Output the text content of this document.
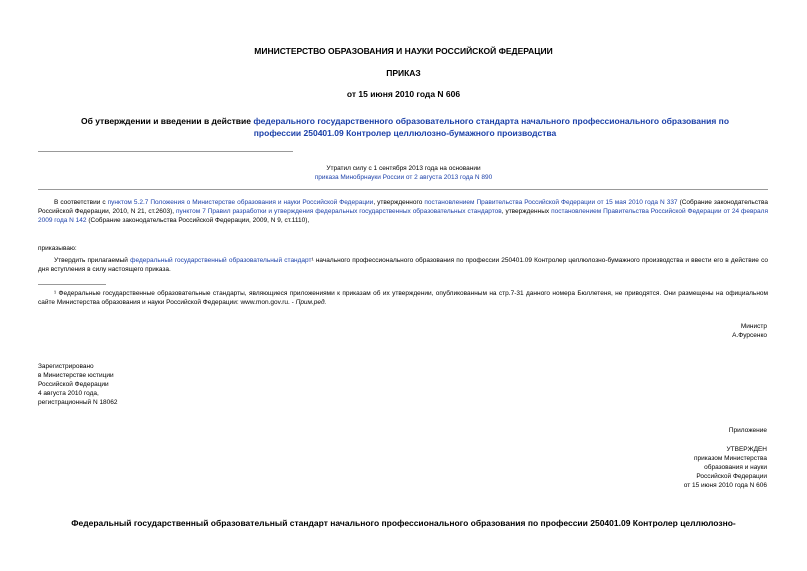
МИНИСТЕРСТВО ОБРАЗОВАНИЯ И НАУКИ РОССИЙСКОЙ ФЕДЕРАЦИИ
ПРИКАЗ
от 15 июня 2010 года N 606
Об утверждении и введении в действие федерального государственного образовательного стандарта начального профессионального образования по профессии 250401.09 Контролер целлюлозно-бумажного производства
Утратил силу с 1 сентября 2013 года на основании
приказа Минобрнауки России от 2 августа 2013 года N 890
В соответствии с пунктом 5.2.7 Положения о Министерстве образования и науки Российской Федерации, утвержденного постановлением Правительства Российской Федерации от 15 мая 2010 года N 337 (Собрание законодательства Российской Федерации, 2010, N 21, ст.2603), пунктом 7 Правил разработки и утверждения федеральных государственных образовательных стандартов, утвержденных постановлением Правительства Российской Федерации от 24 февраля 2009 года N 142 (Собрание законодательства Российской Федерации, 2009, N 9, ст.1110),
приказываю:
Утвердить прилагаемый федеральный государственный образовательный стандарт¹ начального профессионального образования по профессии 250401.09 Контролер целлюлозно-бумажного производства и ввести его в действие со дня вступления в силу настоящего приказа.
¹ Федеральные государственные образовательные стандарты, являющиеся приложениями к приказам об их утверждении, опубликованным на стр.7-31 данного номера Бюллетеня, не приводятся. Они размещены на официальном сайте Министерства образования и науки Российской Федерации: www.mon.gov.ru. - Прим.ред.
Министр
А.Фурсенко
Зарегистрировано
в Министерстве юстиции
Российской Федерации
4 августа 2010 года,
регистрационный N 18062
Приложение
УТВЕРЖДЕН
приказом Министерства
образования и науки
Российской Федерации
от 15 июня 2010 года N 606
Федеральный государственный образовательный стандарт начального профессионального образования по профессии 250401.09 Контролер целлюлозно-
